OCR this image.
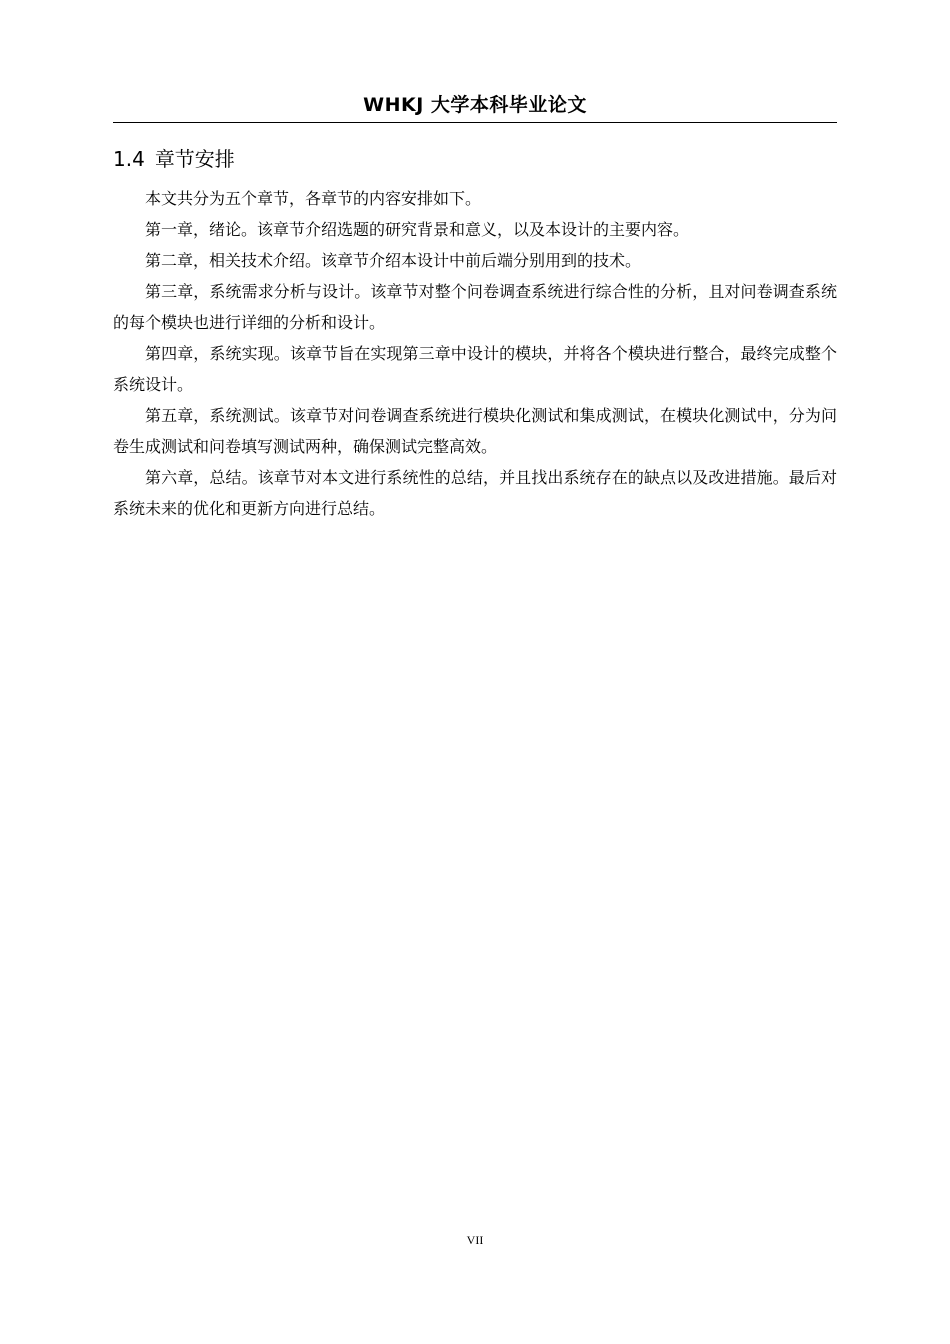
WHKJ 大学本科毕业论文
1.4 章节安排

本文共分为五个章节，各章节的内容安排如下。

第一章，绪论。该章节介绍选题的研究背景和意义，以及本设计的主要内容。

第二章，相关技术介绍。该章节介绍本设计中前后端分别用到的技术。

第三章，系统需求分析与设计。该章节对整个问卷调查系统进行综合性的分析，且对问卷调查系统的每个模块也进行详细的分析和设计。

第四章，系统实现。该章节旨在实现第三章中设计的模块，并将各个模块进行整合，最终完成整个系统设计。

第五章，系统测试。该章节对问卷调查系统进行模块化测试和集成测试，在模块化测试中，分为问卷生成测试和问卷填写测试两种，确保测试完整高效。

第六章，总结。该章节对本文进行系统性的总结，并且找出系统存在的缺点以及改进措施。最后对系统未来的优化和更新方向进行总结。

VII
